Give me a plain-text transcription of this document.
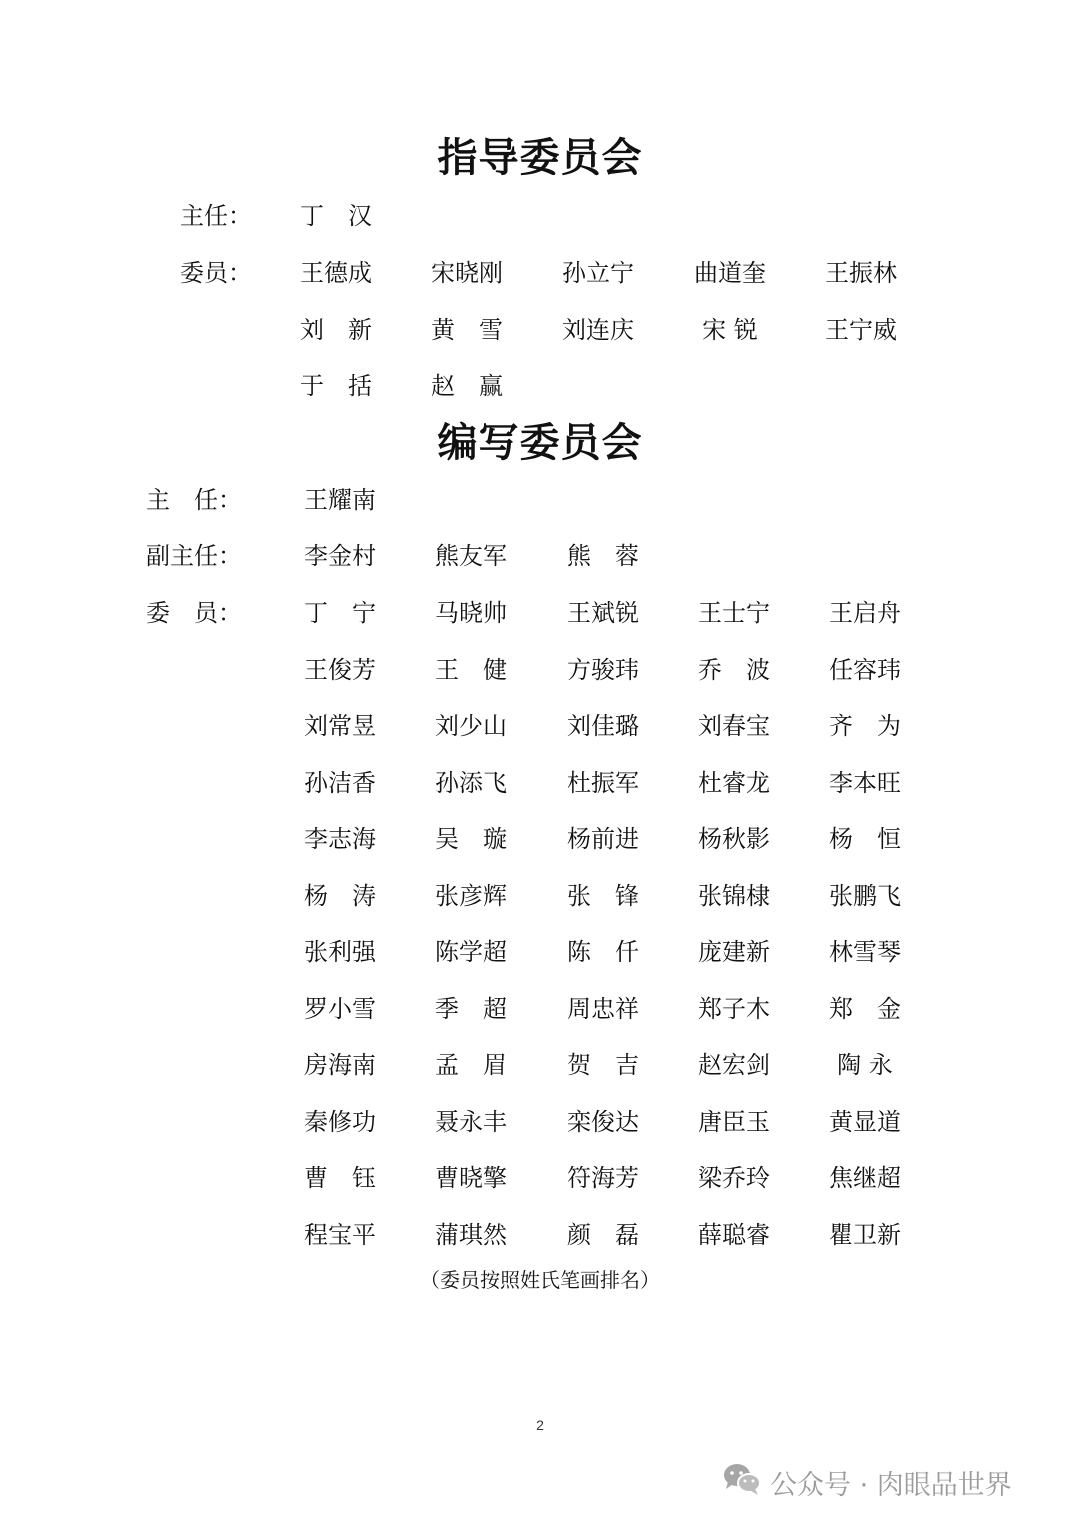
指导委员会
主任： 丁　汉
委员： 王德成 宋晓刚 孙立宁	曲道奎 王振林
刘　新 黄　雪 刘连庆	宋 锐	王宁威
于　括 赵　赢
编写委员会
主　任：	王耀南
副主任：	李金村 熊友军	熊　蓉
委　员：	丁　宁 马晓帅	王斌锐 王士宁 王启舟
王俊芳 王　健	方骏玮 乔　波 任容玮
刘常昱 刘少山	刘佳璐 刘春宝 齐　为
孙洁香 孙添飞	杜振军 杜睿龙 李本旺
李志海 吴　璇	杨前进 杨秋影 杨　恒
杨　涛 张彦辉	张　锋 张锦棣 张鹏飞
张利强 陈学超	陈　仟 庞建新 林雪琴
罗小雪 季　超	周忠祥 郑子木 郑　金
房海南 孟　眉	贺　吉 赵宏剑	陶 永
秦修功 聂永丰	栾俊达 唐臣玉 黄显道
曹　钰 曹晓擎	符海芳 梁乔玲 焦继超
程宝平 蒲琪然	颜　磊 薛聪睿 瞿卫新
（委员按照姓氏笔画排名）
2
公众号 · 肉眼品世界
